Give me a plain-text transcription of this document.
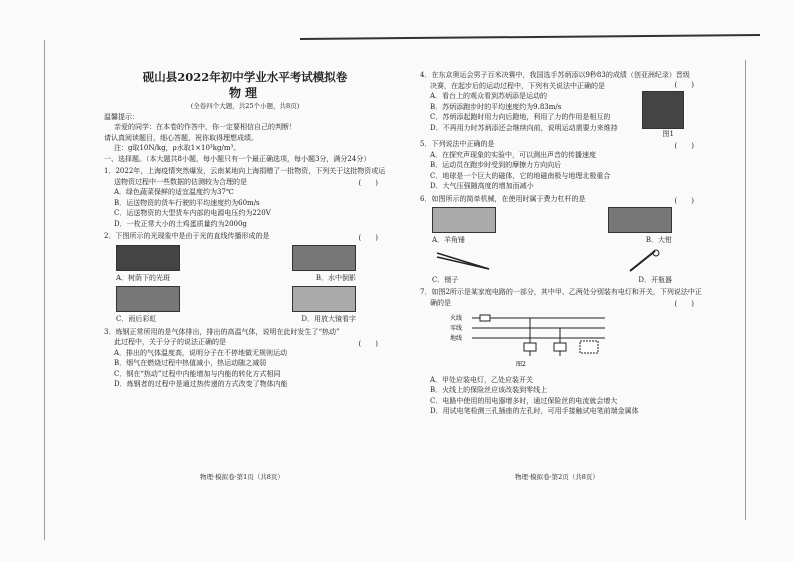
砚山县2022年初中学业水平考试模拟卷
物理
(全卷四个大题，共25个小题，共8页)

温馨提示：

亲爱的同学：在本卷的作答中，你一定要相信自己的判断！

请认真阅读题目，细心答题，祝你取得理想成绩。

注：g取10N/kg，ρ水取1×10³kg/m³。

一、选择题。（本大题共8小题，每小题只有一个最正确选项，每小题3分，满分24分）

1．2022年，上海疫情突然爆发，云南某地向上海捐赠了一批物资，下列关于这批物资或运

送物资过程中一些数据的估测较为合理的是	(　　)

A．绿色蔬菜保鲜的适宜温度约为37℃

B．运送物资的货车行驶的平均速度约为60m/s

C．运送物资的大型货车内部的电源电压约为220V

D．一枚正常大小的土鸡蛋质量约为2000g

2．下图所示的光现象中是由于光的直线传播形成的是	(　　)
A．树荫下的光斑	B．水中倒影
C．雨后彩虹	D．用放大镜看字

3．炼钢正常所用的是气体排出，排出的高温气体，说明在此时发生了“热动”

此过程中，关于分子的说法正确的是	(　　)

A．排出的气体温度高，说明分子在不停地做无规则运动

B．烟气在燃烧过程中热值减小，热运动随之减弱

C．钢在“热动”过程中内能增加与内能的转化方式相同

D．炼钢者的过程中是通过热传递的方式改变了物体内能

4．在东京奥运会男子百米决赛中，我国选手苏炳添以9秒83的成绩（创亚洲纪录）晋级

决赛，在起步后的运动过程中，下列有关说法中正确的是	(　　)

A．看台上的观众看到苏炳添是运动的

B．苏炳添跑步时的平均速度约为9.83m/s

C．苏炳添起跑时用力向后蹬地，利用了力的作用是相互的

D．不再用力时苏炳添还会继续向前，说明运动需要力来维持

图1

5．下列说法中正确的是	(　　)

A．在探究声现象的实验中，可以测出声音的传播速度

B．运动员在跑步时受到的摩擦力方向向后

C．地球是一个巨大的磁体，它的地磁南极与地理北极重合

D．大气压强随高度的增加而减小

6．如图所示的简单机械，在使用时属于费力杠杆的是	(　　)
A．羊角锤	B．大钳
C．镊子	D．开瓶器

7．如图2所示是某家庭电路的一部分，其中甲、乙两处分别装有电灯和开关，下列说法中正

确的是	(　　)
火线
零线
地线
图2

A．甲处应装电灯，乙处应装开关

B．火线上的保险丝应该改装到零线上

C．电路中使用的用电器增多时，通过保险丝的电流就会增大

D．用试电笔检测三孔插座的左孔时，可用手接触试电笔前端金属体

物理·模拟卷·第1页（共8页）	物理·模拟卷·第2页（共8页）
